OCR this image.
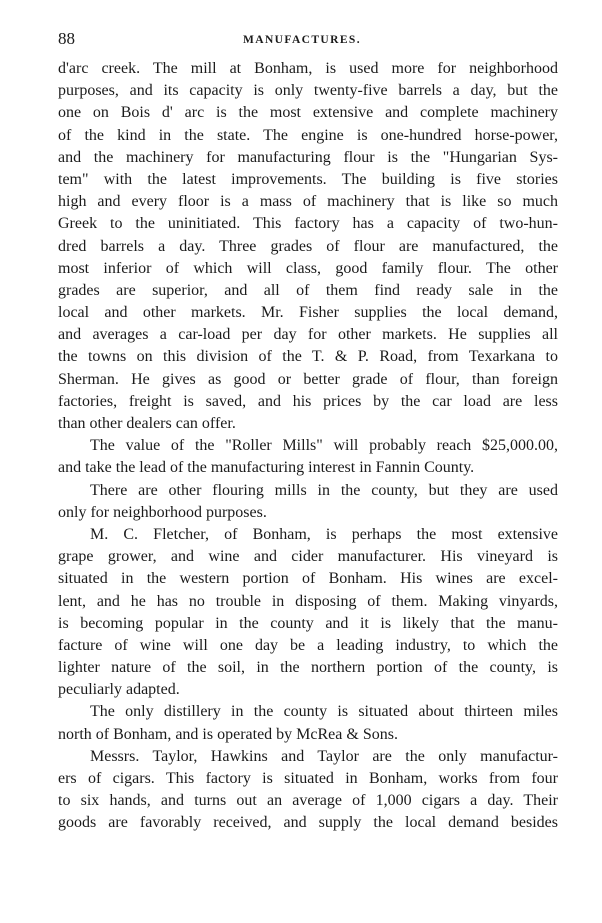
88	MANUFACTURES.
d'arc creek. The mill at Bonham, is used more for neighborhood
purposes, and its capacity is only twenty-five barrels a day, but the
one on Bois d' arc is the most extensive and complete machinery
of the kind in the state. The engine is one-hundred horse-power,
and the machinery for manufacturing flour is the "Hungarian Sys-
tem" with the latest improvements. The building is five stories
high and every floor is a mass of machinery that is like so much
Greek to the uninitiated. This factory has a capacity of two-hun-
dred barrels a day. Three grades of flour are manufactured, the
most inferior of which will class, good family flour. The other
grades are superior, and all of them find ready sale in the
local and other markets. Mr. Fisher supplies the local demand,
and averages a car-load per day for other markets. He supplies all
the towns on this division of the T. & P. Road, from Texarkana to
Sherman. He gives as good or better grade of flour, than foreign
factories, freight is saved, and his prices by the car load are less
than other dealers can offer.
The value of the "Roller Mills" will probably reach $25,000.00,
and take the lead of the manufacturing interest in Fannin County.
There are other flouring mills in the county, but they are used
only for neighborhood purposes.
M. C. Fletcher, of Bonham, is perhaps the most extensive
grape grower, and wine and cider manufacturer. His vineyard is
situated in the western portion of Bonham. His wines are excel-
lent, and he has no trouble in disposing of them. Making vinyards,
is becoming popular in the county and it is likely that the manu-
facture of wine will one day be a leading industry, to which the
lighter nature of the soil, in the northern portion of the county, is
peculiarly adapted.
The only distillery in the county is situated about thirteen miles
north of Bonham, and is operated by McRea & Sons.
Messrs. Taylor, Hawkins and Taylor are the only manufactur-
ers of cigars. This factory is situated in Bonham, works from four
to six hands, and turns out an average of 1,000 cigars a day. Their
goods are favorably received, and supply the local demand besides
